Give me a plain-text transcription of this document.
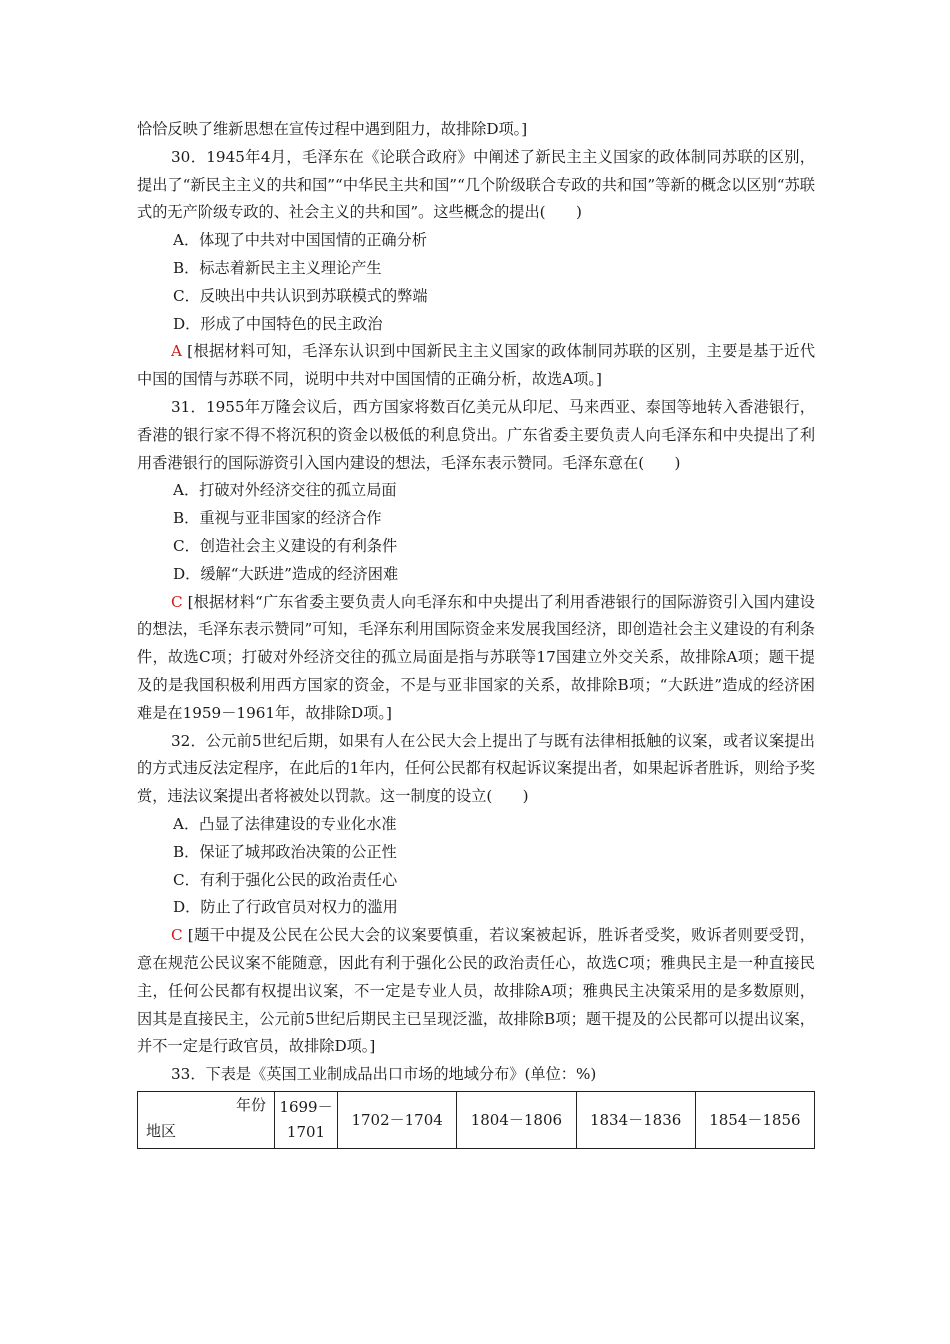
恰恰反映了维新思想在宣传过程中遇到阻力，故排除D项。]

30．1945年4月，毛泽东在《论联合政府》中阐述了新民主主义国家的政体制同苏联的区别，提出了“新民主主义的共和国”“中华民主共和国”“几个阶级联合专政的共和国”等新的概念以区别“苏联式的无产阶级专政的、社会主义的共和国”。这些概念的提出(　　)

A．体现了中共对中国国情的正确分析

B．标志着新民主主义理论产生

C．反映出中共认识到苏联模式的弊端

D．形成了中国特色的民主政治

A [根据材料可知，毛泽东认识到中国新民主主义国家的政体制同苏联的区别，主要是基于近代中国的国情与苏联不同，说明中共对中国国情的正确分析，故选A项。]

31．1955年万隆会议后，西方国家将数百亿美元从印尼、马来西亚、泰国等地转入香港银行，香港的银行家不得不将沉积的资金以极低的利息贷出。广东省委主要负责人向毛泽东和中央提出了利用香港银行的国际游资引入国内建设的想法，毛泽东表示赞同。毛泽东意在(　　)

A．打破对外经济交往的孤立局面

B．重视与亚非国家的经济合作

C．创造社会主义建设的有利条件

D．缓解“大跃进”造成的经济困难

C [根据材料“广东省委主要负责人向毛泽东和中央提出了利用香港银行的国际游资引入国内建设的想法，毛泽东表示赞同”可知，毛泽东利用国际资金来发展我国经济，即创造社会主义建设的有利条件，故选C项；打破对外经济交往的孤立局面是指与苏联等17国建立外交关系，故排除A项；题干提及的是我国积极利用西方国家的资金，不是与亚非国家的关系，故排除B项；“大跃进”造成的经济困难是在1959－1961年，故排除D项。]

32．公元前5世纪后期，如果有人在公民大会上提出了与既有法律相抵触的议案，或者议案提出的方式违反法定程序，在此后的1年内，任何公民都有权起诉议案提出者，如果起诉者胜诉，则给予奖赏，违法议案提出者将被处以罚款。这一制度的设立(　　)

A．凸显了法律建设的专业化水准

B．保证了城邦政治决策的公正性

C．有利于强化公民的政治责任心

D．防止了行政官员对权力的滥用

C [题干中提及公民在公民大会的议案要慎重，若议案被起诉，胜诉者受奖，败诉者则要受罚，意在规范公民议案不能随意，因此有利于强化公民的政治责任心，故选C项；雅典民主是一种直接民主，任何公民都有权提出议案，不一定是专业人员，故排除A项；雅典民主决策采用的是多数原则，因其是直接民主，公元前5世纪后期民主已呈现泛滥，故排除B项；题干提及的公民都可以提出议案，并不一定是行政官员，故排除D项。]

33．下表是《英国工业制成品出口市场的地域分布》(单位：%)

年份
地区
	1699－
1701	1702－1704	1804－1806	1834－1836	1854－1856
